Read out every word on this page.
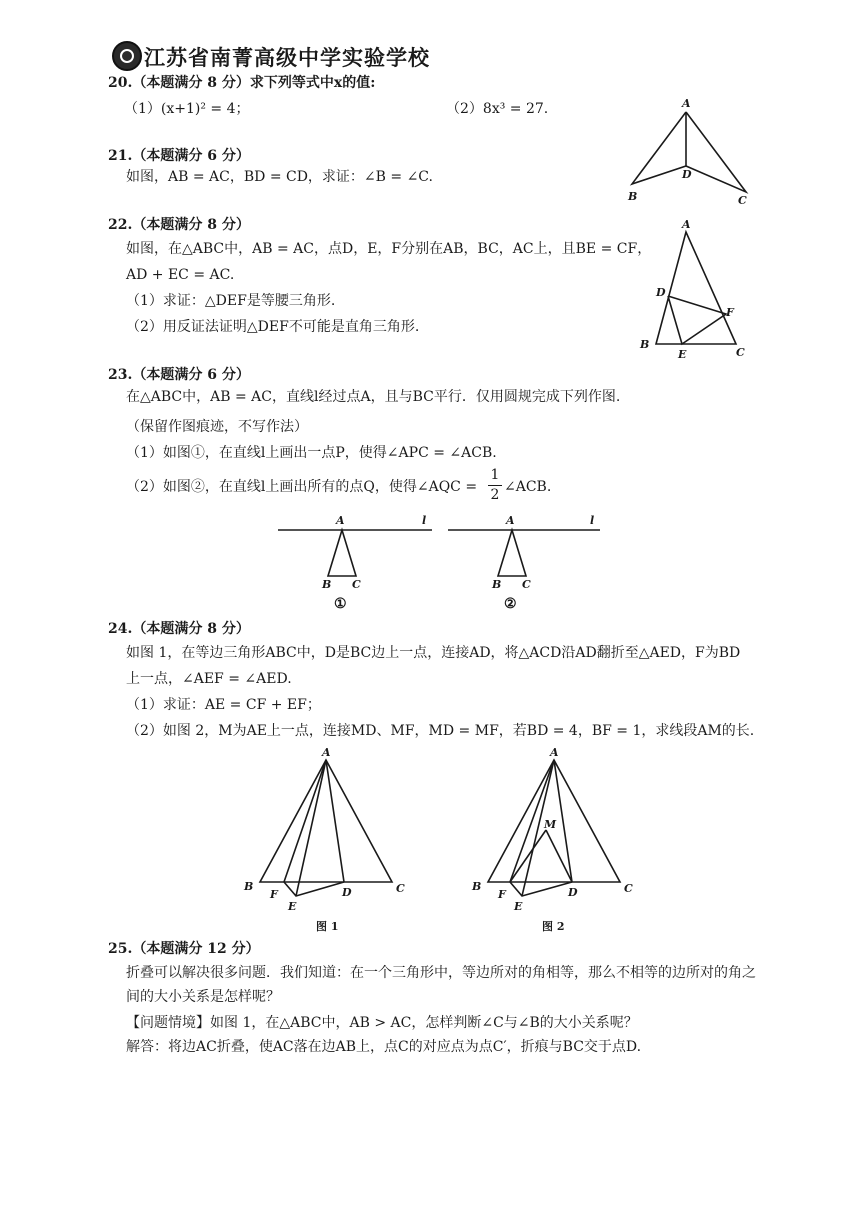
江苏省南菁高级中学实验学校
20.（本题满分 8 分）求下列等式中x的值:
（1）(x+1)² = 4；	（2）8x³ = 27.	A
B	C
D
21.（本题满分 6 分）
如图，AB = AC，BD = CD，求证：∠B = ∠C.
22.（本题满分 8 分）
如图，在△ABC中，AB = AC，点D，E，F分别在AB，BC，AC上，且BE = CF，
AD + EC = AC.
（1）求证：△DEF是等腰三角形.
（2）用反证法证明△DEF不可能是直角三角形.
A
B
C
D
E
F
23.（本题满分 6 分）
在△ABC中，AB = AC，直线l经过点A，且与BC平行．仅用圆规完成下列作图.
（保留作图痕迹，不写作法）
（1）如图①，在直线l上画出一点P，使得∠APC = ∠ACB.
（2）如图②，在直线l上画出所有的点Q，使得∠AQC =
1
2 ∠ACB.
A	l
B C
①
A	l
B C
②
24.（本题满分 8 分）
如图 1，在等边三角形ABC中，D是BC边上一点，连接AD，将△ACD沿AD翻折至△AED，F为BD
上一点，∠AEF = ∠AED.
（1）求证：AE = CF + EF；
（2）如图 2，M为AE上一点，连接MD、MF，MD = MF，若BD = 4，BF = 1，求线段AM的长.
A
B	C
D
E
F
图 1
A
B	C
D
E
F
M
图 2
25.（本题满分 12 分）
折叠可以解决很多问题．我们知道：在一个三角形中，等边所对的角相等，那么不相等的边所对的角之
间的大小关系是怎样呢？
【问题情境】如图 1，在△ABC中，AB > AC，怎样判断∠C与∠B的大小关系呢？
解答：将边AC折叠，使AC落在边AB上，点C的对应点为点C′，折痕与BC交于点D.
